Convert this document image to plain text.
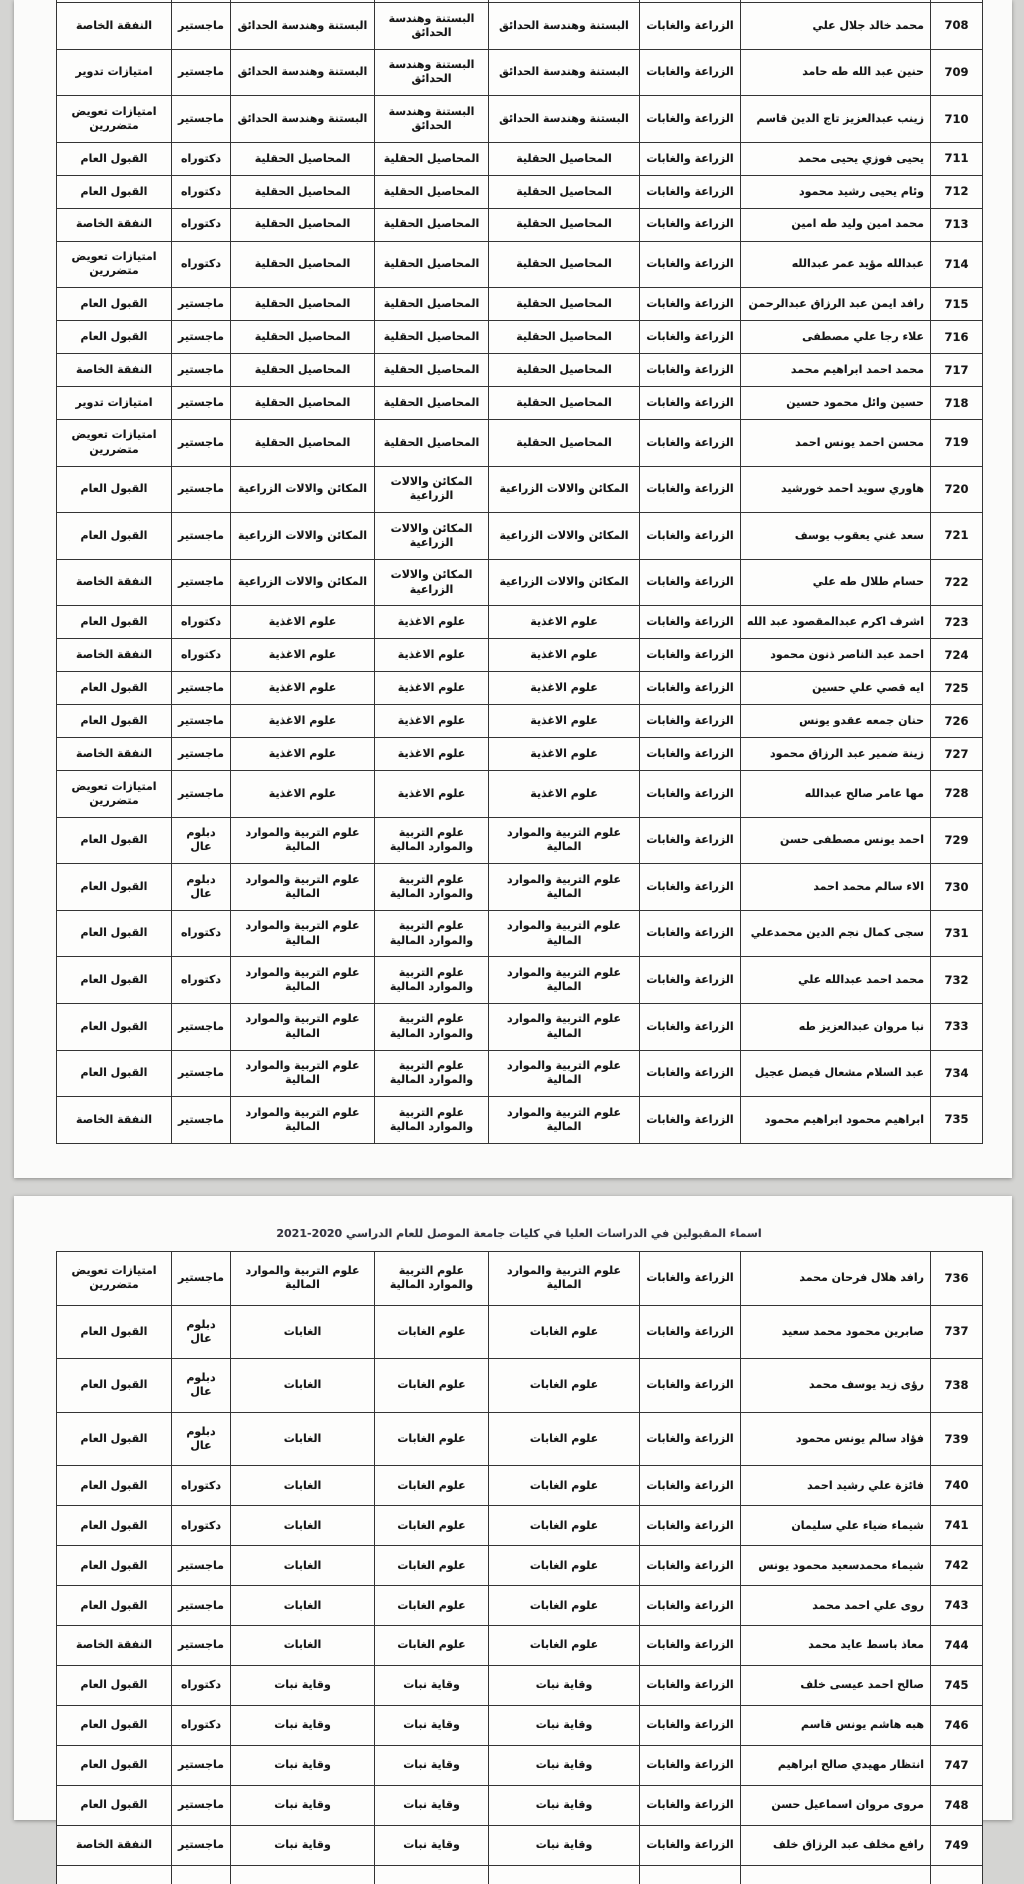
708	محمد خالد جلال علي	الزراعة والغابات	البستنة وهندسة الحدائق	البستنة وهندسة الحدائق	البستنة وهندسة الحدائق	ماجستير	النفقة الخاصة
709	حنين عبد الله طه حامد	الزراعة والغابات	البستنة وهندسة الحدائق	البستنة وهندسة الحدائق	البستنة وهندسة الحدائق	ماجستير	امتيازات تدوير
710	زينب عبدالعزيز تاج الدين قاسم	الزراعة والغابات	البستنة وهندسة الحدائق	البستنة وهندسة الحدائق	البستنة وهندسة الحدائق	ماجستير	امتيازات تعويض متضررين
711	يحيى فوزي يحيى محمد	الزراعة والغابات	المحاصيل الحقلية	المحاصيل الحقلية	المحاصيل الحقلية	دكتوراه	القبول العام
712	وئام يحيى رشيد محمود	الزراعة والغابات	المحاصيل الحقلية	المحاصيل الحقلية	المحاصيل الحقلية	دكتوراه	القبول العام
713	محمد امين وليد طه امين	الزراعة والغابات	المحاصيل الحقلية	المحاصيل الحقلية	المحاصيل الحقلية	دكتوراه	النفقة الخاصة
714	عبدالله مؤيد عمر عبدالله	الزراعة والغابات	المحاصيل الحقلية	المحاصيل الحقلية	المحاصيل الحقلية	دكتوراه	امتيازات تعويض متضررين
715	رافد ايمن عبد الرزاق عبدالرحمن	الزراعة والغابات	المحاصيل الحقلية	المحاصيل الحقلية	المحاصيل الحقلية	ماجستير	القبول العام
716	علاء رجا علي مصطفى	الزراعة والغابات	المحاصيل الحقلية	المحاصيل الحقلية	المحاصيل الحقلية	ماجستير	القبول العام
717	محمد احمد ابراهيم محمد	الزراعة والغابات	المحاصيل الحقلية	المحاصيل الحقلية	المحاصيل الحقلية	ماجستير	النفقة الخاصة
718	حسين وائل محمود حسين	الزراعة والغابات	المحاصيل الحقلية	المحاصيل الحقلية	المحاصيل الحقلية	ماجستير	امتيازات تدوير
719	محسن احمد يونس احمد	الزراعة والغابات	المحاصيل الحقلية	المحاصيل الحقلية	المحاصيل الحقلية	ماجستير	امتيازات تعويض متضررين
720	هاوري سويد احمد خورشيد	الزراعة والغابات	المكائن والالات الزراعية	المكائن والالات الزراعية	المكائن والالات الزراعية	ماجستير	القبول العام
721	سعد غني يعقوب يوسف	الزراعة والغابات	المكائن والالات الزراعية	المكائن والالات الزراعية	المكائن والالات الزراعية	ماجستير	القبول العام
722	حسام طلال طه علي	الزراعة والغابات	المكائن والالات الزراعية	المكائن والالات الزراعية	المكائن والالات الزراعية	ماجستير	النفقة الخاصة
723	اشرف اكرم عبدالمقصود عبد الله	الزراعة والغابات	علوم الاغذية	علوم الاغذية	علوم الاغذية	دكتوراه	القبول العام
724	احمد عبد الناصر ذنون محمود	الزراعة والغابات	علوم الاغذية	علوم الاغذية	علوم الاغذية	دكتوراه	النفقة الخاصة
725	ايه قصي علي حسين	الزراعة والغابات	علوم الاغذية	علوم الاغذية	علوم الاغذية	ماجستير	القبول العام
726	حنان جمعه عقدو يونس	الزراعة والغابات	علوم الاغذية	علوم الاغذية	علوم الاغذية	ماجستير	القبول العام
727	زينة ضمير عبد الرزاق محمود	الزراعة والغابات	علوم الاغذية	علوم الاغذية	علوم الاغذية	ماجستير	النفقة الخاصة
728	مها عامر صالح عبدالله	الزراعة والغابات	علوم الاغذية	علوم الاغذية	علوم الاغذية	ماجستير	امتيازات تعويض متضررين
729	احمد يونس مصطفى حسن	الزراعة والغابات	علوم التربية والموارد المالية	علوم التربية والموارد المالية	علوم التربية والموارد المالية	دبلوم عال	القبول العام
730	الاء سالم محمد احمد	الزراعة والغابات	علوم التربية والموارد المالية	علوم التربية والموارد المالية	علوم التربية والموارد المالية	دبلوم عال	القبول العام
731	سجى كمال نجم الدين محمدعلي	الزراعة والغابات	علوم التربية والموارد المالية	علوم التربية والموارد المالية	علوم التربية والموارد المالية	دكتوراه	القبول العام
732	محمد احمد عبدالله علي	الزراعة والغابات	علوم التربية والموارد المالية	علوم التربية والموارد المالية	علوم التربية والموارد المالية	دكتوراه	القبول العام
733	نبا مروان عبدالعزيز طه	الزراعة والغابات	علوم التربية والموارد المالية	علوم التربية والموارد المالية	علوم التربية والموارد المالية	ماجستير	القبول العام
734	عبد السلام مشعال فيصل عجيل	الزراعة والغابات	علوم التربية والموارد المالية	علوم التربية والموارد المالية	علوم التربية والموارد المالية	ماجستير	القبول العام
735	ابراهيم محمود ابراهيم محمود	الزراعة والغابات	علوم التربية والموارد المالية	علوم التربية والموارد المالية	علوم التربية والموارد المالية	ماجستير	النفقة الخاصة
اسماء المقبولين في الدراسات العليا في كليات جامعة الموصل للعام الدراسي 2020-2021
736	رافد هلال فرحان محمد	الزراعة والغابات	علوم التربية والموارد المالية	علوم التربية والموارد المالية	علوم التربية والموارد المالية	ماجستير	امتيازات تعويض متضررين
737	صابرين محمود محمد سعيد	الزراعة والغابات	علوم الغابات	علوم الغابات	الغابات	دبلوم عال	القبول العام
738	رؤى زيد يوسف محمد	الزراعة والغابات	علوم الغابات	علوم الغابات	الغابات	دبلوم عال	القبول العام
739	فؤاد سالم يونس محمود	الزراعة والغابات	علوم الغابات	علوم الغابات	الغابات	دبلوم عال	القبول العام
740	فائزة علي رشيد احمد	الزراعة والغابات	علوم الغابات	علوم الغابات	الغابات	دكتوراه	القبول العام
741	شيماء ضياء علي سليمان	الزراعة والغابات	علوم الغابات	علوم الغابات	الغابات	دكتوراه	القبول العام
742	شيماء محمدسعيد محمود يونس	الزراعة والغابات	علوم الغابات	علوم الغابات	الغابات	ماجستير	القبول العام
743	روى علي احمد محمد	الزراعة والغابات	علوم الغابات	علوم الغابات	الغابات	ماجستير	القبول العام
744	معاذ باسط عايد محمد	الزراعة والغابات	علوم الغابات	علوم الغابات	الغابات	ماجستير	النفقة الخاصة
745	صالح احمد عيسى خلف	الزراعة والغابات	وقاية نبات	وقاية نبات	وقاية نبات	دكتوراه	القبول العام
746	هبه هاشم يونس قاسم	الزراعة والغابات	وقاية نبات	وقاية نبات	وقاية نبات	دكتوراه	القبول العام
747	انتظار مهيدي صالح ابراهيم	الزراعة والغابات	وقاية نبات	وقاية نبات	وقاية نبات	ماجستير	القبول العام
748	مروى مروان اسماعيل حسن	الزراعة والغابات	وقاية نبات	وقاية نبات	وقاية نبات	ماجستير	القبول العام
749	رافع مخلف عبد الرزاق خلف	الزراعة والغابات	وقاية نبات	وقاية نبات	وقاية نبات	ماجستير	النفقة الخاصة
